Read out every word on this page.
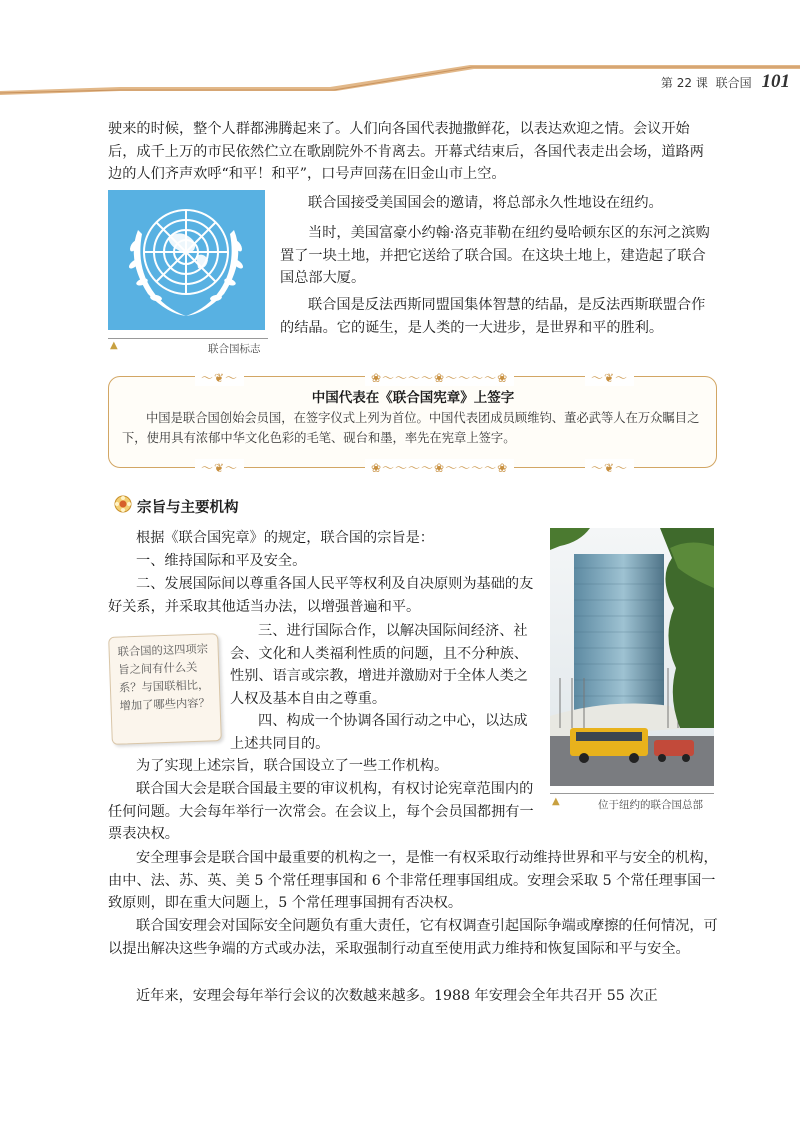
第 22 课 联合国 101

驶来的时候，整个人群都沸腾起来了。人们向各国代表抛撒鲜花，以表达欢迎之情。会议开始后，成千上万的市民依然伫立在歌剧院外不肯离去。开幕式结束后，各国代表走出会场，道路两边的人们齐声欢呼“和平！和平”，口号声回荡在旧金山市上空。

▲	联合国标志

联合国接受美国国会的邀请，将总部永久性地设在纽约。

当时，美国富豪小约翰·洛克菲勒在纽约曼哈顿东区的东河之滨购置了一块土地，并把它送给了联合国。在这块土地上，建造起了联合国总部大厦。

联合国是反法西斯同盟国集体智慧的结晶，是反法西斯联盟合作的结晶。它的诞生，是人类的一大进步，是世界和平的胜利。

❀～～～～❀～～～～❀
～❦～	～❦～
❀～～～～❀～～～～❀
～❦～	～❦～
中国代表在《联合国宪章》上签字

中国是联合国创始会员国，在签字仪式上列为首位。中国代表团成员顾维钧、董必武等人在万众瞩目之下，使用具有浓郁中华文化色彩的毛笔、砚台和墨，率先在宪章上签字。

宗旨与主要机构

根据《联合国宪章》的规定，联合国的宗旨是：

一、维持国际和平及安全。

二、发展国际间以尊重各国人民平等权利及自决原则为基础的友好关系，并采取其他适当办法，以增强普遍和平。

联合国的这四项宗旨之间有什么关系？与国联相比，增加了哪些内容？

三、进行国际合作，以解决国际间经济、社会、文化和人类福利性质的问题，且不分种族、性别、语言或宗教，增进并激励对于全体人类之人权及基本自由之尊重。

四、构成一个协调各国行动之中心，以达成上述共同目的。

为了实现上述宗旨，联合国设立了一些工作机构。

联合国大会是联合国最主要的审议机构，有权讨论宪章范围内的任何问题。大会每年举行一次常会。在会议上，每个会员国都拥有一票表决权。

▲	位于纽约的联合国总部

安全理事会是联合国中最重要的机构之一，是惟一有权采取行动维持世界和平与安全的机构，由中、法、苏、英、美 5 个常任理事国和 6 个非常任理事国组成。安理会采取 5 个常任理事国一致原则，即在重大问题上，5 个常任理事国拥有否决权。

联合国安理会对国际安全问题负有重大责任，它有权调查引起国际争端或摩擦的任何情况，可以提出解决这些争端的方式或办法，采取强制行动直至使用武力维持和恢复国际和平与安全。

近年来，安理会每年举行会议的次数越来越多。1988 年安理会全年共召开 55 次正
